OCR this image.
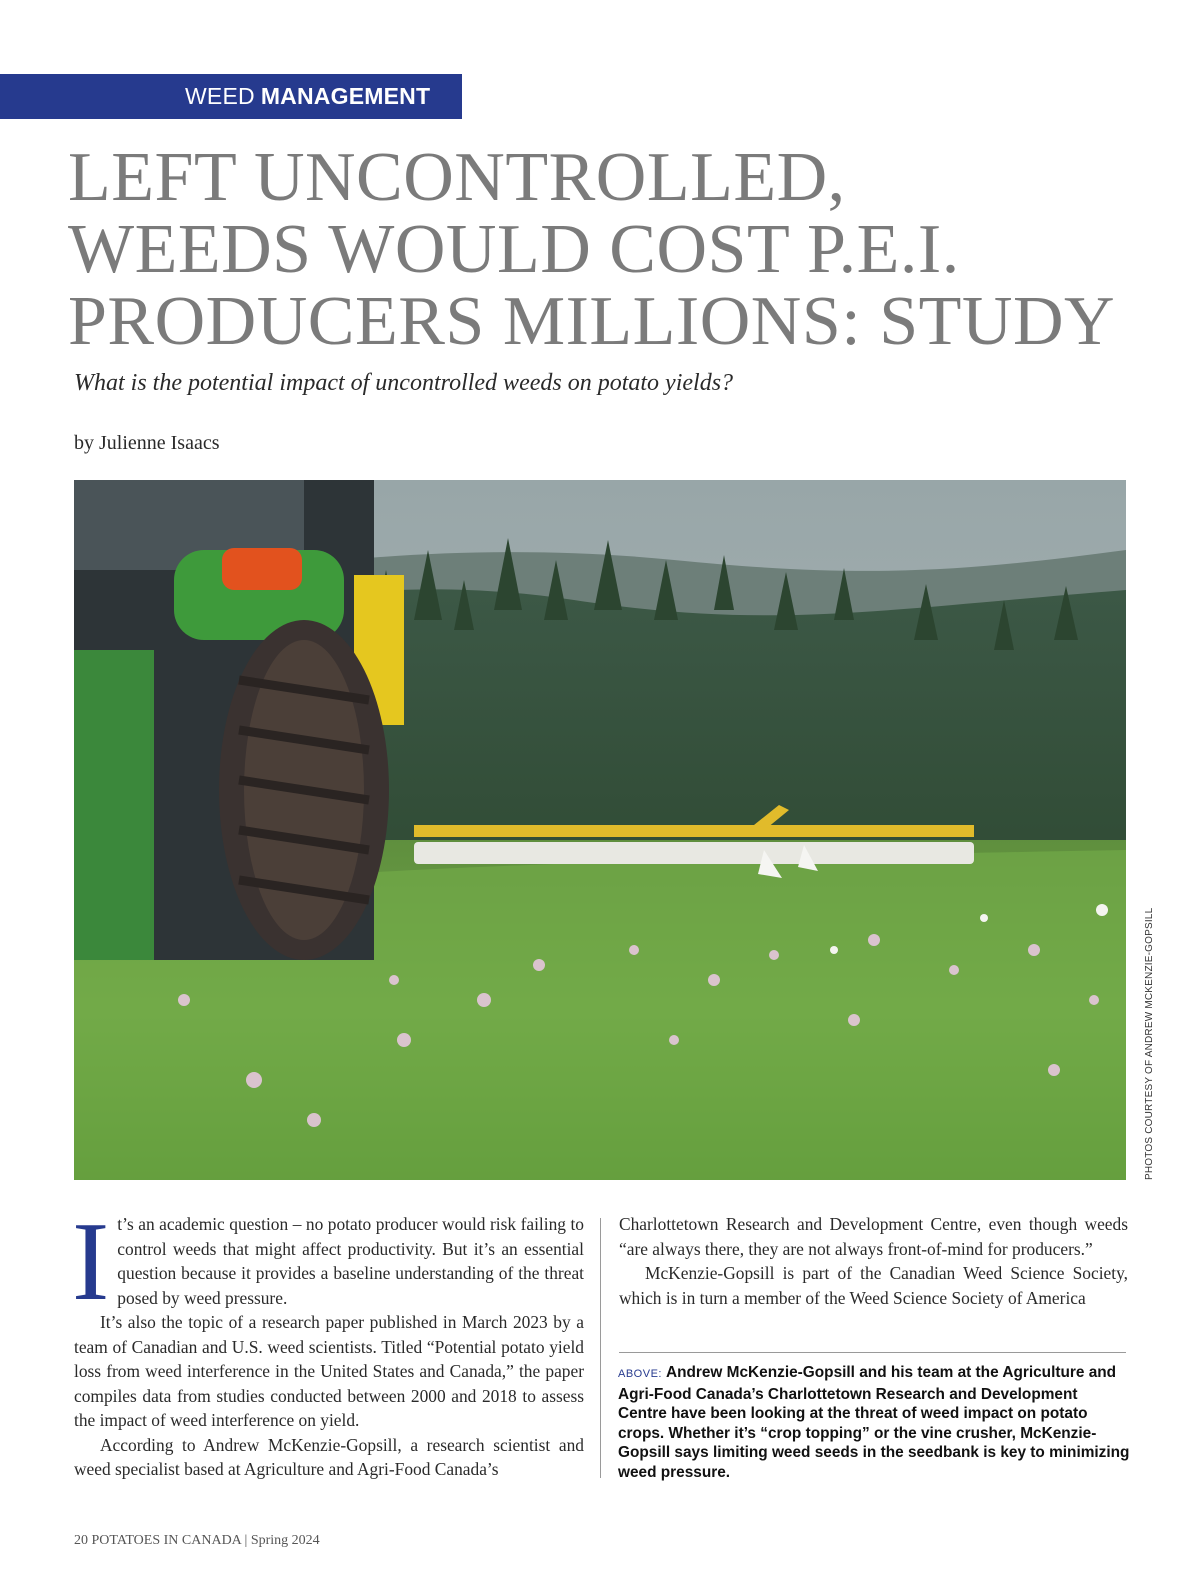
WEED MANAGEMENT
LEFT UNCONTROLLED,
WEEDS WOULD COST P.E.I.
PRODUCERS MILLIONS: STUDY
What is the potential impact of uncontrolled weeds on potato yields?
by Julienne Isaacs
PHOTOS COURTESY OF ANDREW MCKENZIE-GOPSILL

It’s an academic question – no potato producer would risk failing to control weeds that might affect productivity. But it’s an essential question because it provides a baseline understanding of the threat posed by weed pressure.

It’s also the topic of a research paper published in March 2023 by a team of Canadian and U.S. weed scientists. Titled “Potential potato yield loss from weed interference in the United States and Canada,” the paper compiles data from studies conducted between 2000 and 2018 to assess the impact of weed interference on yield.

According to Andrew McKenzie-Gopsill, a research scientist and weed specialist based at Agriculture and Agri-Food Canada’s

Charlottetown Research and Development Centre, even though weeds “are always there, they are not always front-of-mind for producers.”

McKenzie-Gopsill is part of the Canadian Weed Science Society, which is in turn a member of the Weed Science Society of America

ABOVE: Andrew McKenzie-Gopsill and his team at the Agriculture and Agri-Food Canada’s Charlottetown Research and Development Centre have been looking at the threat of weed impact on potato crops. Whether it’s “crop topping” or the vine crusher, McKenzie-Gopsill says limiting weed seeds in the seedbank is key to minimizing weed pressure.
20 POTATOES IN CANADA | Spring 2024
